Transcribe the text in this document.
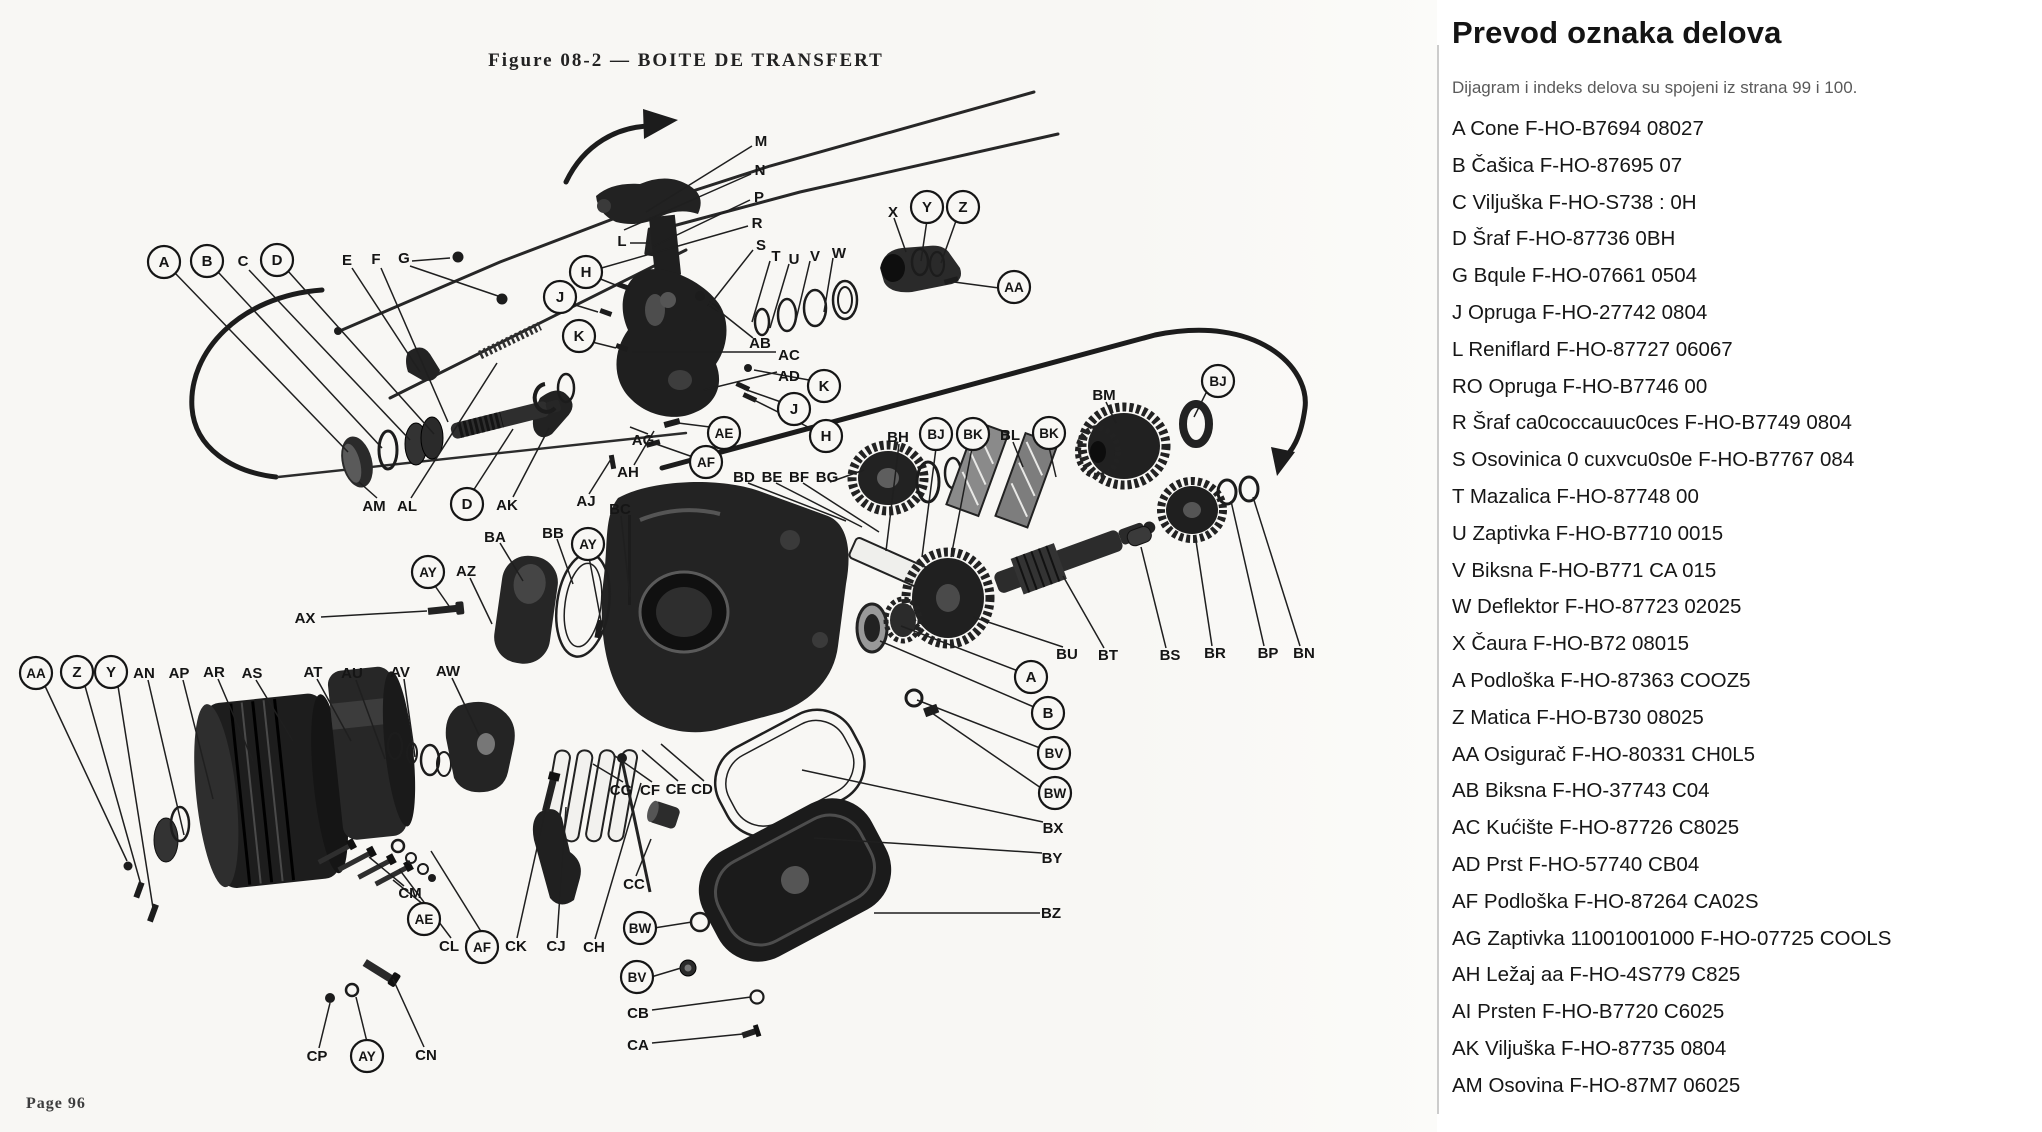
A B C D	E F G
H
J
K
M
N
P
R
S
T U V W
L
X Y Z
AA
AB
AC
AD
K
J
H
AE
AF
AG
AH	BD BE BF BG
AM AL	D AK	AJ
BA BB
AY
BC
AY AZ
AX
BH BJ BK BL BK
BM
BJ
BU BT	BS BR BP BN
A
B
BV
BW
BX
BY
BZ
AA Z Y AN AP AR AS	AT AU AV AW
CM
AE
CL AF CK CJ CH
CG CF CE CD
CC
BW
BV
CB
CA
CP AY	CN
Figure 08-2 — BOITE DE TRANSFERT
Page 96
Prevod oznaka delova

Dijagram i indeks delova su spojeni iz strana 99 i 100.

A Cone F-HO-B7694 08027
B Čašica F-HO-87695 07
C Viljuška F-HO-S738 : 0H
D Šraf F-HO-87736 0BH
G Bqule F-HO-07661 0504
J Opruga F-HO-27742 0804
L Reniflard F-HO-87727 06067
RO Opruga F-HO-B7746 00
R Šraf ca0coccauuc0ces F-HO-B7749 0804
S Osovinica 0 cuxvcu0s0e F-HO-B7767 084
T Mazalica F-HO-87748 00
U Zaptivka F-HO-B7710 0015
V Biksna F-HO-B771 CA 015
W Deflektor F-HO-87723 02025
X Čaura F-HO-B72 08015
A Podloška F-HO-87363 COOZ5
Z Matica F-HO-B730 08025
AA Osigurač F-HO-80331 CH0L5
AB Biksna F-HO-37743 C04
AC Kućište F-HO-87726 C8025
AD Prst F-HO-57740 CB04
AF Podloška F-HO-87264 CA02S
AG Zaptivka 11001001000 F-HO-07725 COOLS
AH Ležaj aa F-HO-4S779 C825
AI Prsten F-HO-B7720 C6025
AK Viljuška F-HO-87735 0804
AM Osovina F-HO-87M7 06025
